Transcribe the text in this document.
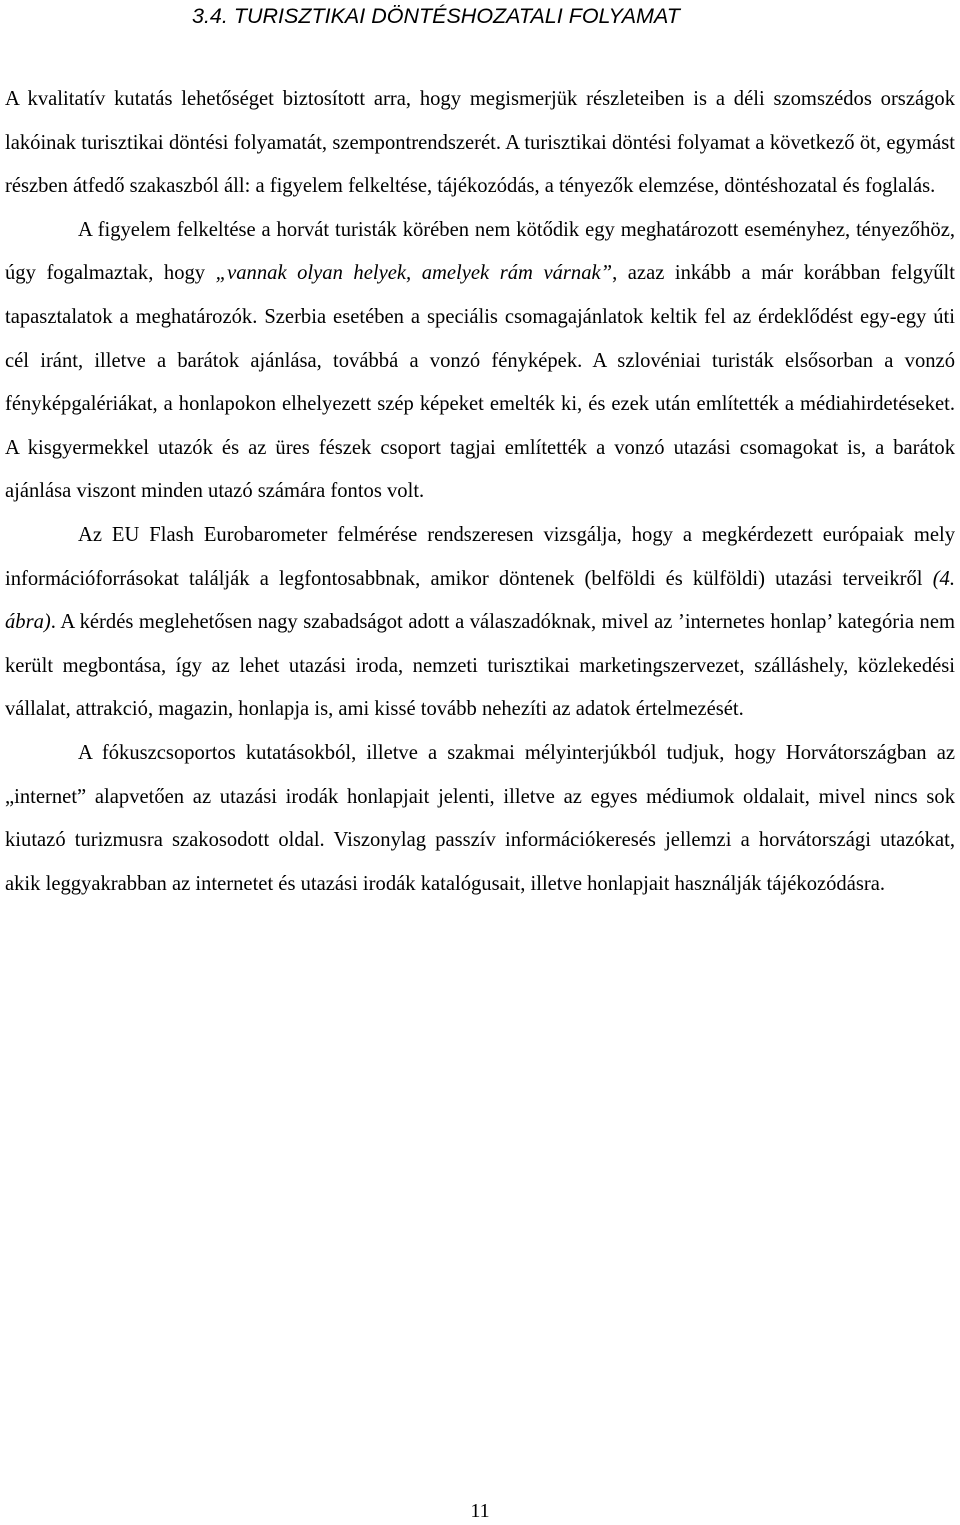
3.4. TURISZTIKAI DÖNTÉSHOZATALI FOLYAMAT

A kvalitatív kutatás lehetőséget biztosított arra, hogy megismerjük részleteiben is a déli szomszédos országok lakóinak turisztikai döntési folyamatát, szempontrendszerét. A turisztikai döntési folyamat a következő öt, egymást részben átfedő szakaszból áll: a figyelem felkeltése, tájékozódás, a tényezők elemzése, döntéshozatal és foglalás.

A figyelem felkeltése a horvát turisták körében nem kötődik egy meghatározott eseményhez, tényezőhöz, úgy fogalmaztak, hogy „vannak olyan helyek, amelyek rám várnak”, azaz inkább a már korábban felgyűlt tapasztalatok a meghatározók. Szerbia esetében a speciális csomagajánlatok keltik fel az érdeklődést egy-egy úti cél iránt, illetve a barátok ajánlása, továbbá a vonzó fényképek. A szlovéniai turisták elsősorban a vonzó fényképgalériákat, a honlapokon elhelyezett szép képeket emelték ki, és ezek után említették a médiahirdetéseket. A kisgyermekkel utazók és az üres fészek csoport tagjai említették a vonzó utazási csomagokat is, a barátok ajánlása viszont minden utazó számára fontos volt.

Az EU Flash Eurobarometer felmérése rendszeresen vizsgálja, hogy a megkérdezett európaiak mely információforrásokat találják a legfontosabbnak, amikor döntenek (belföldi és külföldi) utazási terveikről (4. ábra). A kérdés meglehetősen nagy szabadságot adott a válaszadóknak, mivel az ’internetes honlap’ kategória nem került megbontása, így az lehet utazási iroda, nemzeti turisztikai marketingszervezet, szálláshely, közlekedési vállalat, attrakció, magazin, honlapja is, ami kissé tovább nehezíti az adatok értelmezését.

A fókuszcsoportos kutatásokból, illetve a szakmai mélyinterjúkból tudjuk, hogy Horvátországban az „internet” alapvetően az utazási irodák honlapjait jelenti, illetve az egyes médiumok oldalait, mivel nincs sok kiutazó turizmusra szakosodott oldal. Viszonylag passzív információkeresés jellemzi a horvátországi utazókat, akik leggyakrabban az internetet és utazási irodák katalógusait, illetve honlapjait használják tájékozódásra.

11
